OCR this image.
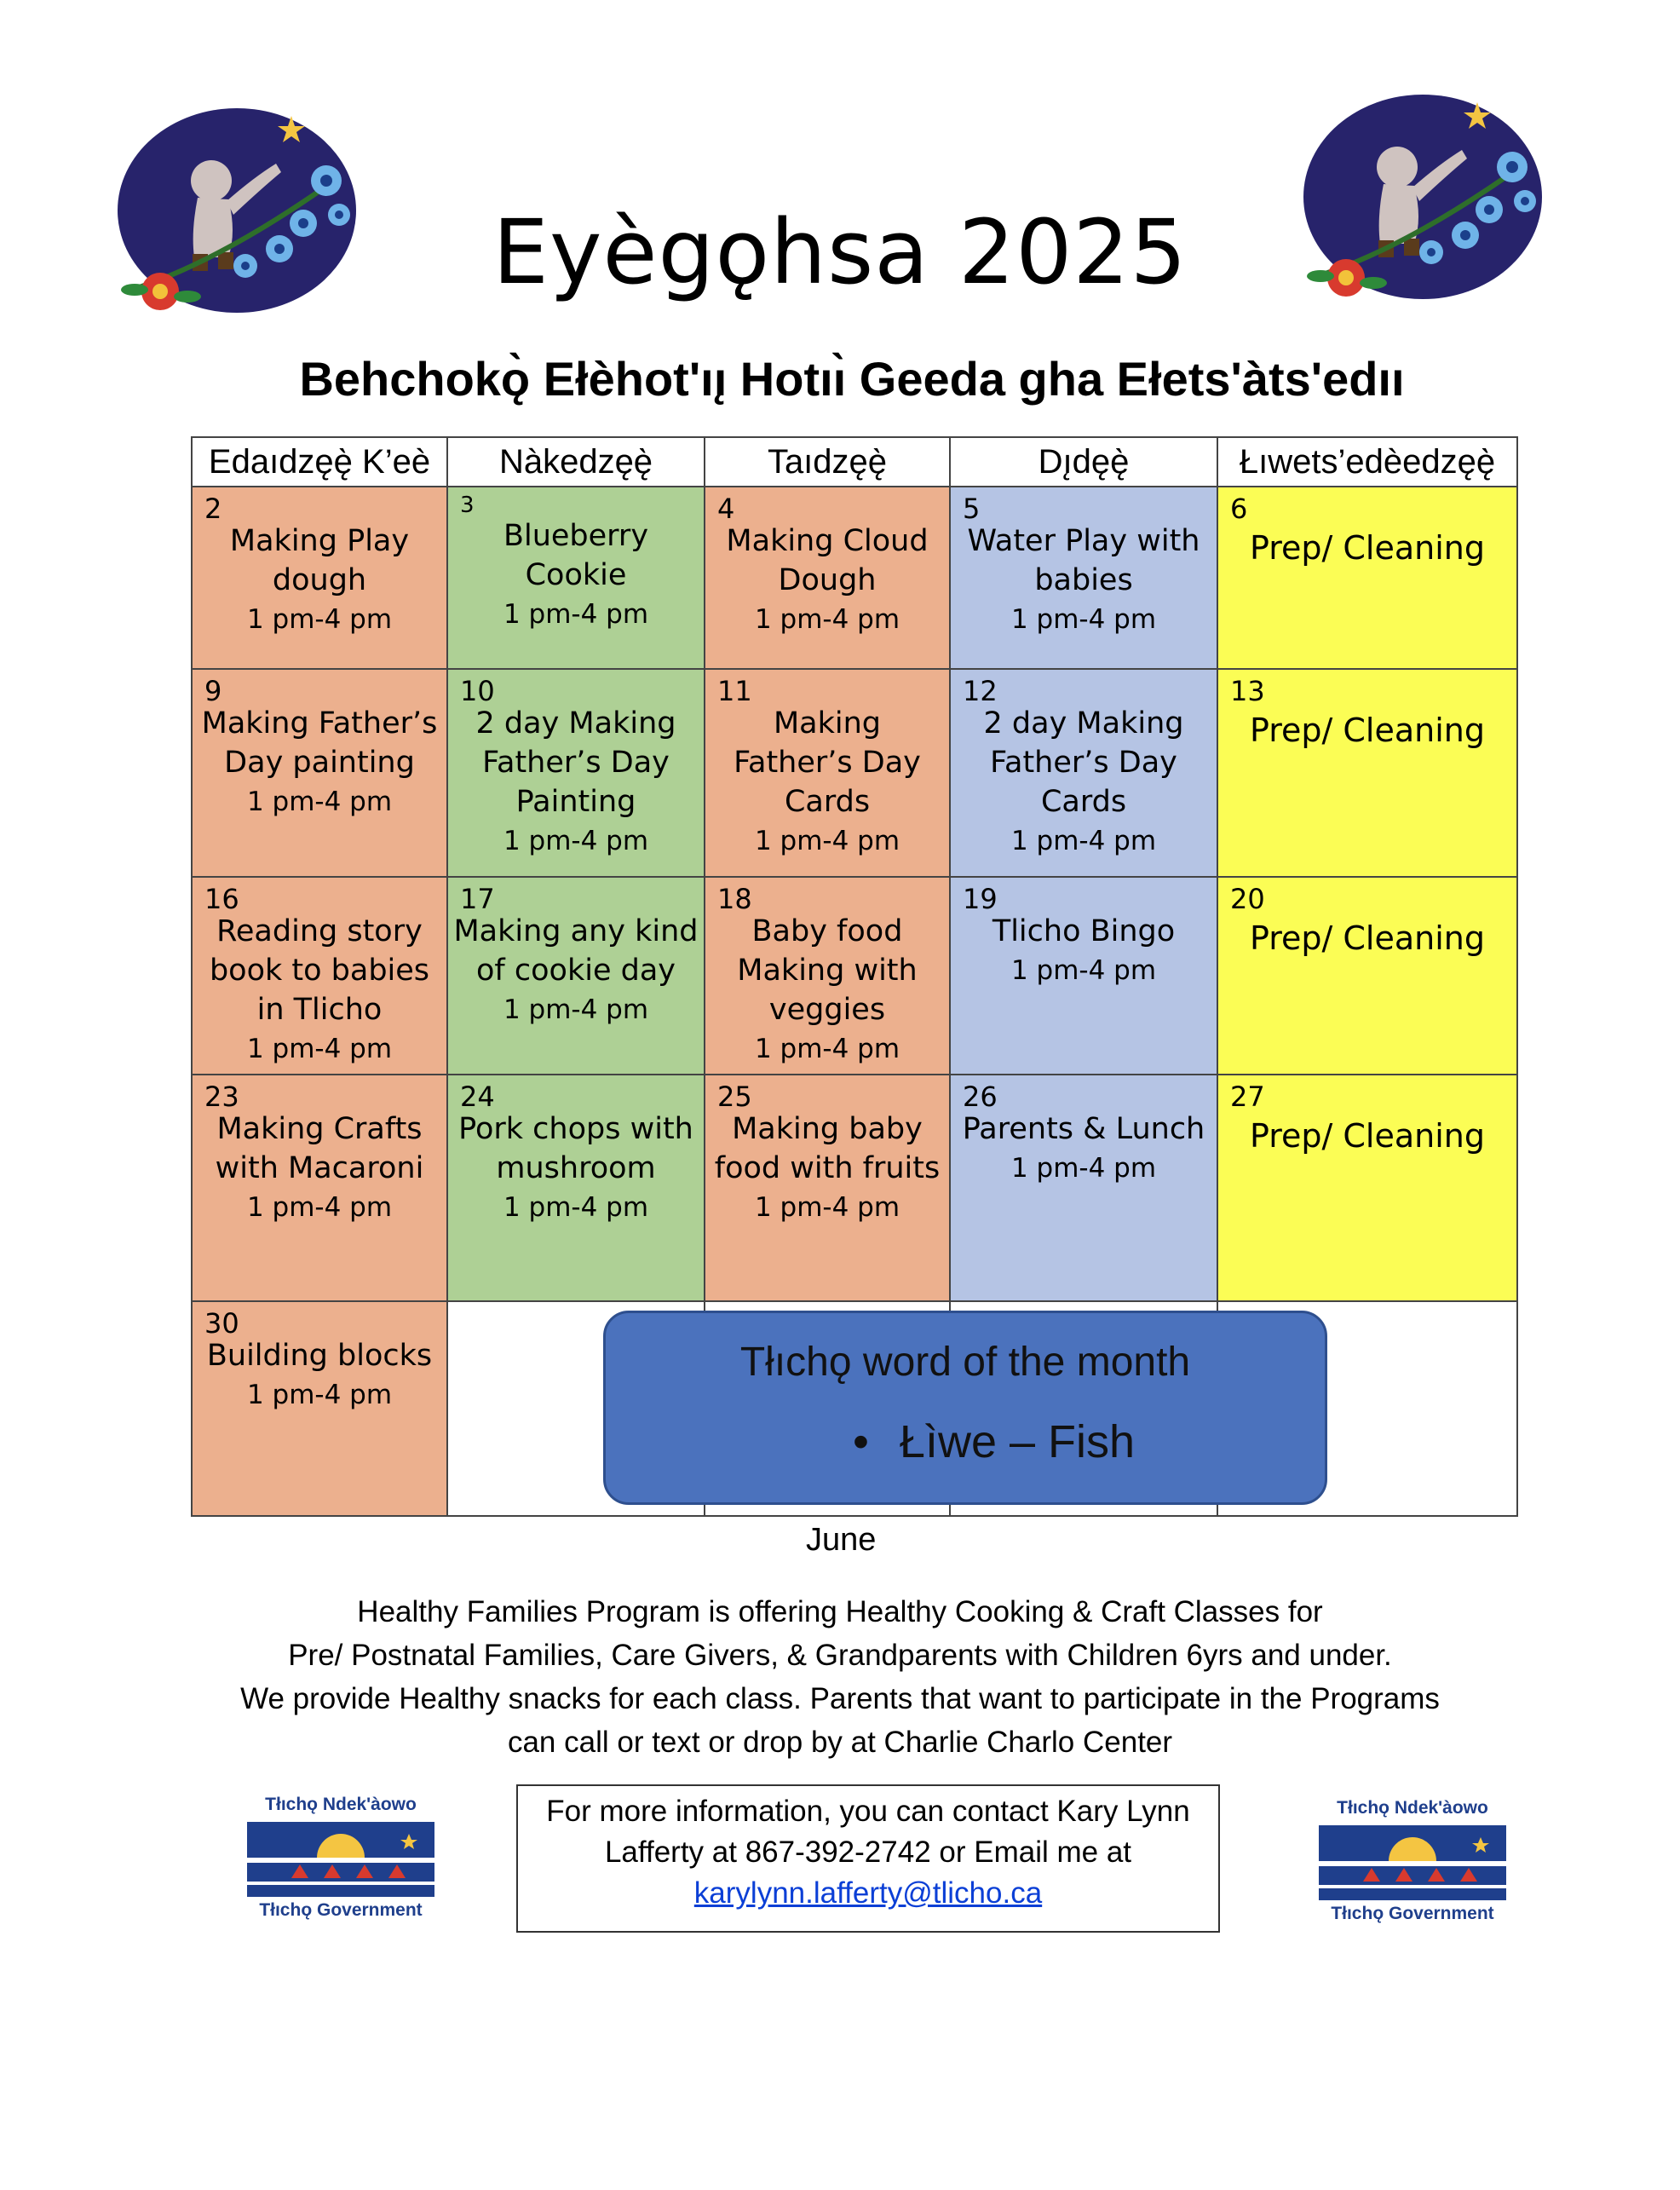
Eyègǫhsa 2025
Behchokǫ̀ Ełèhot'ıı̨ Hotıı̀ Geeda gha Ełets'àts'edıı
Edaıdzęę̀ K’eè	Nàkedzęę̀	Taıdzęę̀	Dı̨dęę̀	Łıwets’edèedzęę̀

2
Making Play dough
1 pm-4 pm	3
Blueberry Cookie
1 pm-4 pm	4
Making Cloud Dough
1 pm-4 pm	5
Water Play with babies
1 pm-4 pm	6
Prep/ Cleaning

9
Making Father’s Day painting
1 pm-4 pm	10
2 day Making Father’s Day Painting
1 pm-4 pm	11
Making Father’s Day Cards
1 pm-4 pm	12
2 day Making Father’s Day Cards
1 pm-4 pm	13
Prep/ Cleaning

16
Reading story book to babies in Tlicho
1 pm-4 pm	17
Making any kind of cookie day
1 pm-4 pm	18
Baby food Making with veggies
1 pm-4 pm	19
Tlicho Bingo
1 pm-4 pm	20
Prep/ Cleaning

23
Making Crafts with Macaroni
1 pm-4 pm	24
Pork chops with mushroom
1 pm-4 pm	25
Making baby food with fruits
1 pm-4 pm	26
Parents & Lunch
1 pm-4 pm	27
Prep/ Cleaning

30
Building blocks
1 pm-4 pm				

Tłıchǫ word of the month
• Łìwe – Fish
June
Healthy Families Program is offering Healthy Cooking & Craft Classes for
Pre/ Postnatal Families, Care Givers, & Grandparents with Children 6yrs and under.
We provide Healthy snacks for each class. Parents that want to participate in the Programs
can call or text or drop by at Charlie Charlo Center
For more information, you can contact Kary Lynn
Lafferty at 867-392-2742 or Email me at
karylynn.lafferty@tlicho.ca
Tłıchǫ Ndek'àowo
Tłıchǫ Government
Tłıchǫ Ndek'àowo
Tłıchǫ Government
